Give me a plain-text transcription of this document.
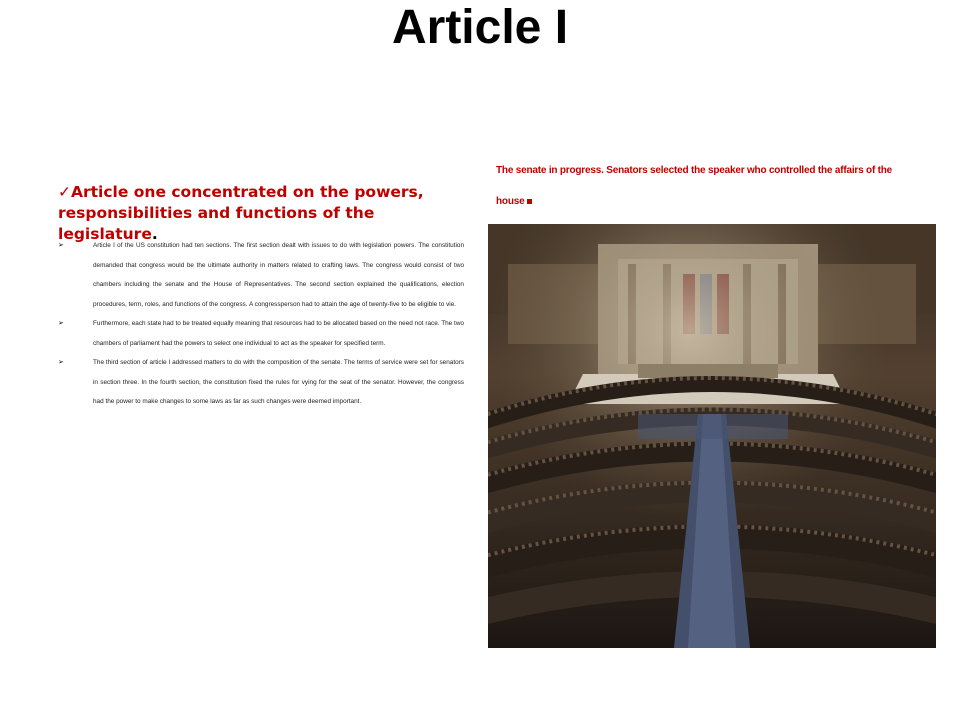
Article I
✓Article one concentrated on the powers, responsibilities and functions of the legislature.
➢	Article I of the US constitution had ten sections. The first section dealt with issues to do with legislation powers. The constitution demanded that congress would be the ultimate authority in matters related to crafting laws. The congress would consist of two chambers including the senate and the House of Representatives. The second section explained the qualifications, election procedures, term, roles, and functions of the congress. A congressperson had to attain the age of twenty-five to be eligible to vie.
➢	Furthermore, each state had to be treated equally meaning that resources had to be allocated based on the need not race. The two chambers of parliament had the powers to select one individual to act as the speaker for specified term.
➢	The third section of article I addressed matters to do with the composition of the senate. The terms of service were set for senators in section three. In the fourth section, the constitution fixed the rules for vying for the seat of the senator. However, the congress had the power to make changes to some laws as far as such changes were deemed important.
The senate in progress. Senators selected the speaker who controlled the affairs of the house
